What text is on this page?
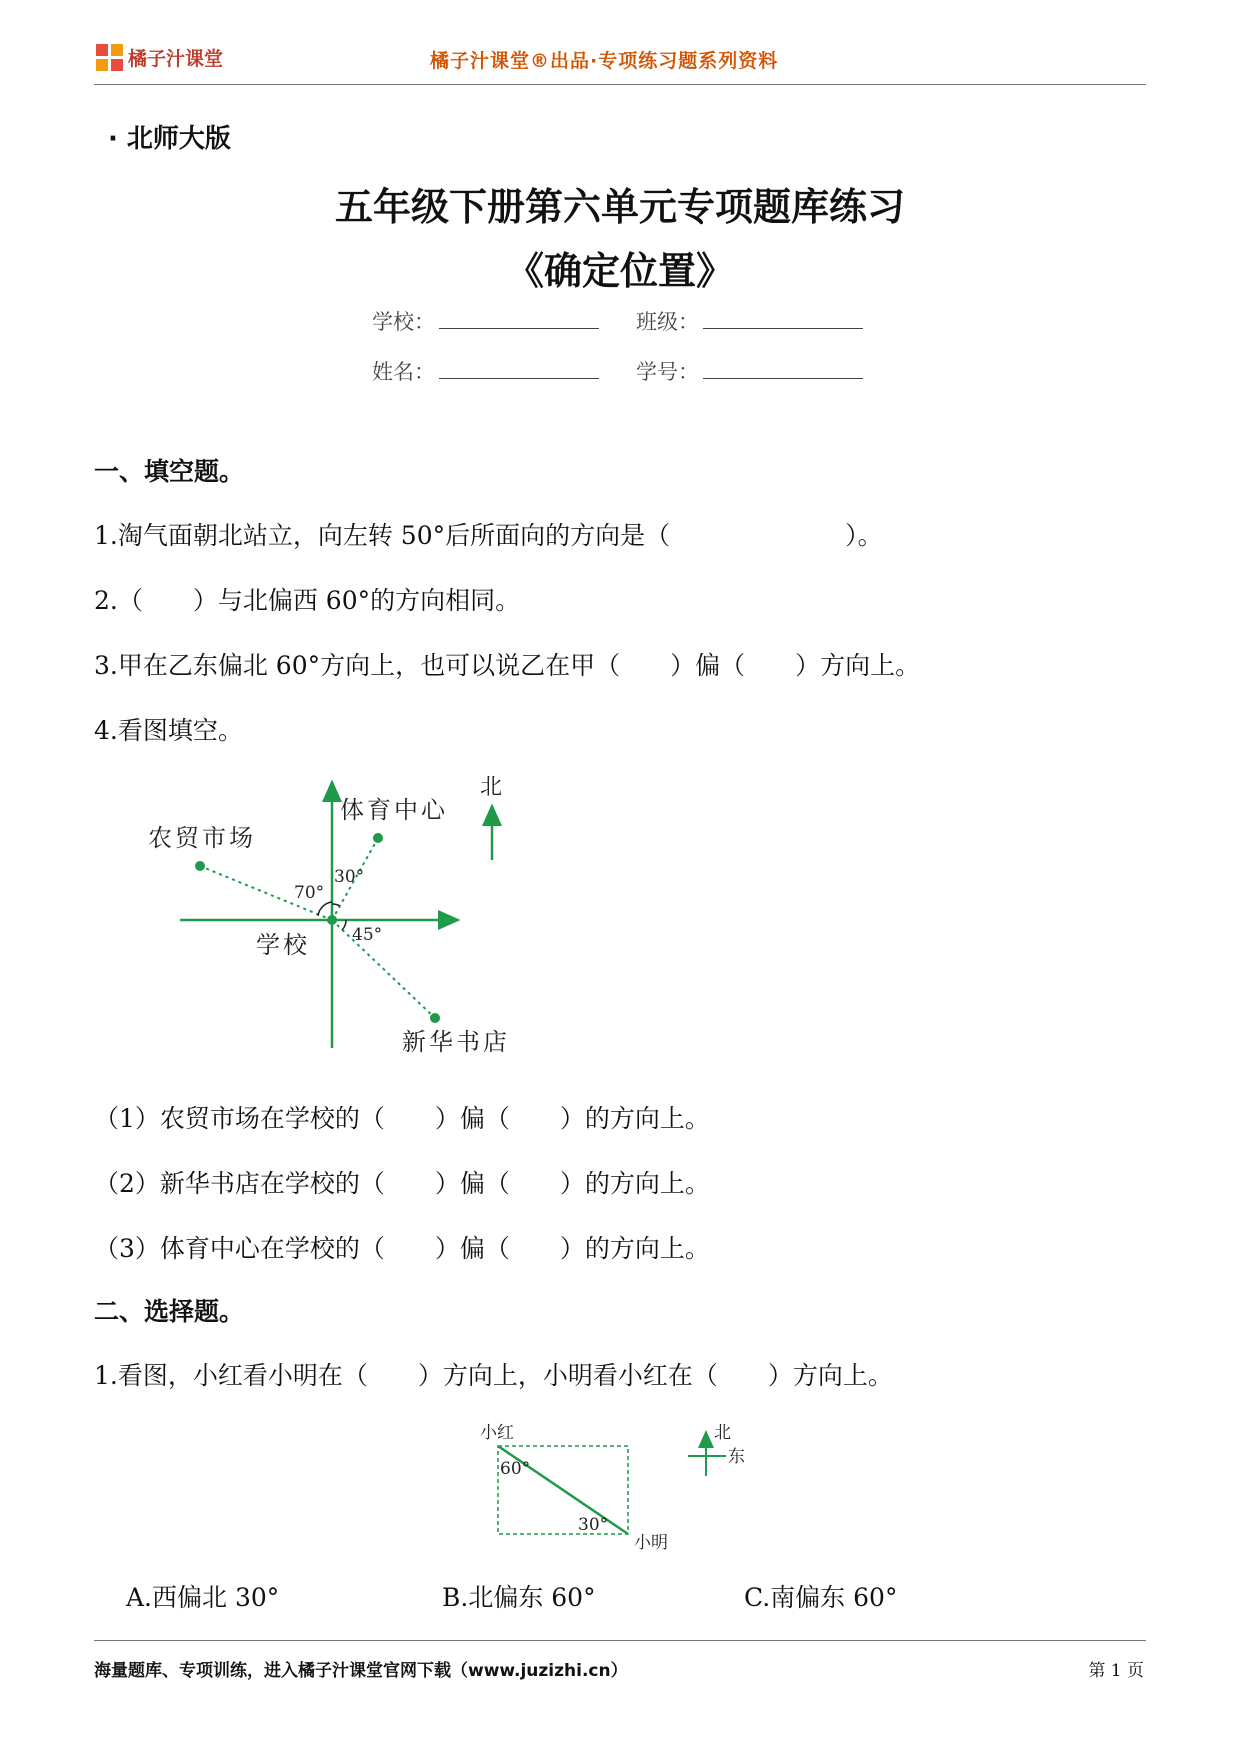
橘子汁课堂	橘子汁课堂®出品·专项练习题系列资料
· 北师大版
五年级下册第六单元专项题库练习
《确定位置》
学校：	班级：
姓名：	学号：
一、填空题。
1.淘气面朝北站立，向左转 50°后所面向的方向是（　　　　　　　）。
2.（　　）与北偏西 60°的方向相同。
3.甲在乙东偏北 60°方向上，也可以说乙在甲（　　）偏（　　）方向上。
4.看图填空。
北
农贸市场
体育中心
学校
新华书店
70°
30°
45°
（1）农贸市场在学校的（　　）偏（　　）的方向上。
（2）新华书店在学校的（　　）偏（　　）的方向上。
（3）体育中心在学校的（　　）偏（　　）的方向上。
二、选择题。
1.看图，小红看小明在（　　）方向上，小明看小红在（　　）方向上。
小红
小明
60°
30°
北
东
A.西偏北 30°	B.北偏东 60°	C.南偏东 60°
海量题库、专项训练，进入橘子汁课堂官网下载（www.juzizhi.cn）	第 1 页
